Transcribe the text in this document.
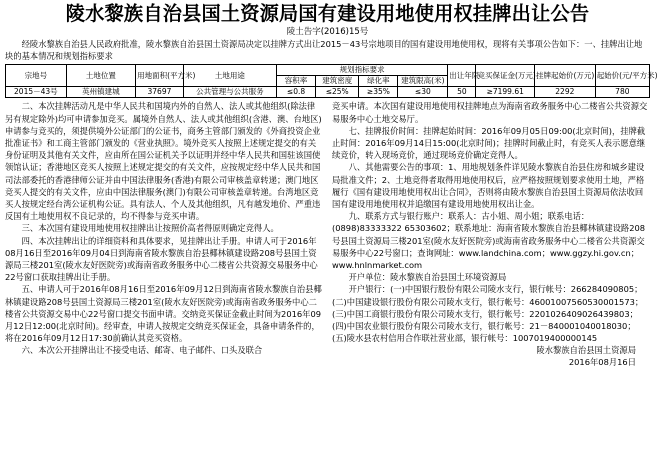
陵水黎族自治县国土资源局国有建设用地使用权挂牌出让公告

陵土告字(2016)15号

经陵水黎族自治县人民政府批准，陵水黎族自治县国土资源局决定以挂牌方式出让2015－43号宗地项目的国有建设用地使用权，现将有关事项公告如下：一、挂牌出让地块的基本情况和规划指标要求

宗地号	土地位置	用地面积(平方米)	土地用途	规划指标要求				出让年限	竞买保证金(万元)	挂牌起始价(万元)	起始价(元/平方米)
				容积率	建筑密度	绿化率	建筑限高(米)				
2015－43号	英州镇建城	37697	公共管理与公共服务	≤0.8	≤25%	≥35%	≤30	50	≥7199.61	2292	780

二、本次挂牌活动凡是中华人民共和国境内外的自然人、法人或其他组织(除法律另有规定除外)均可申请参加竞买。属境外自然人、法人或其他组织(含港、澳、台地区)申请参与竞买的，须提供境外公证部门的公证书，商务主管部门颁发的《外商投资企业批准证书》和工商主管部门颁发的《营业执照》。境外竞买人按照上述规定提交的有关身份证明及其他有关文件，应由所在国公证机关予以证明并经中华人民共和国驻该国使领馆认证；香港地区竞买人按照上述规定提交的有关文件，应按规定经中华人民共和国司法部委托的香港律师公证并由中国法律服务(香港)有限公司审核盖章转递；澳门地区竞买人提交的有关文件，应由中国法律服务(澳门)有限公司审核盖章转递。台湾地区竞买人按规定经台湾公证机构公证。具有法人、个人及其他组织，凡有越发地价、严重违反国有土地使用权不良记录的，均不得参与竞买申请。

三、本次国有建设用地使用权挂牌出让按照价高者得原则确定竞得人。

四、本次挂牌出让的详细资料和具体要求，见挂牌出让手册。申请人可于2016年08月16日至2016年09月04日到海南省陵水黎族自治县椰林镇建设路208号县国土资源局三楼201室(陵水友好医院旁)或海南省政务服务中心二楼省公共资源交易服务中心22号窗口获取挂牌出让手册。

五、申请人可于2016年08月16日至2016年09月12日到海南省陵水黎族自治县椰林镇建设路208号县国土资源局三楼201室(陵水友好医院旁)或海南省政务服务中心二楼省公共资源交易中心22号窗口提交书面申请。交纳竞买保证金截止时间为2016年09月12日12:00(北京时间)。经审查，申请人按规定交纳竞买保证金，具备申请条件的，将在2016年09月12日17:30前确认其竞买资格。

六、本次公开挂牌出让不接受电话、邮寄、电子邮件、口头及联合

竞买申请。本次国有建设用地使用权挂牌地点为海南省政务服务中心二楼省公共资源交易服务中心土地交易厅。

七、挂牌报价时间：挂牌起始时间：2016年09月05日09:00(北京时间)，挂牌截止时间：2016年09月14日15:00(北京时间)；挂牌时间截止时，有竞买人表示愿意继续竞价，转入现场竞价，通过现场竞价确定竞得人。

八、其他需要公告的事项：1、用地规划条件详见陵水黎族自治县住房和城乡建设局批准文件；2、土地竞得者取得用地使用权后，应严格按照规划要求使用土地，严格履行《国有建设用地使用权出让合同》，否则将由陵水黎族自治县国土资源局依法收回国有建设用地使用权并追缴国有建设用地使用权出让金。

九、联系方式与银行账户：联系人：古小姐、周小姐；联系电话：(0898)83333322 65303602；联系地址：海南省陵水黎族自治县椰林镇建设路208号县国土资源局三楼201室(陵水友好医院旁)或海南省政务服务中心二楼省公共资源交易服务中心22号窗口；查询网址：www.landchina.com；www.ggzy.hi.gov.cn；www.hnlnmarket.com

开户单位：陵水黎族自治县国土环境资源局

开户银行：(一)中国银行股份有限公司陵水支行，银行帐号：266284090805；(二)中国建设银行股份有限公司陵水支行，银行帐号：46001007560530001573；(三)中国工商银行股份有限公司陵水支行，银行帐号：2201026409026439803；(四)中国农业银行股份有限公司陵水支行，银行帐号：21－840001040018030；(五)陵水县农村信用合作联社营业部，银行帐号：1007019400000145

陵水黎族自治县国土资源局

2016年08月16日
